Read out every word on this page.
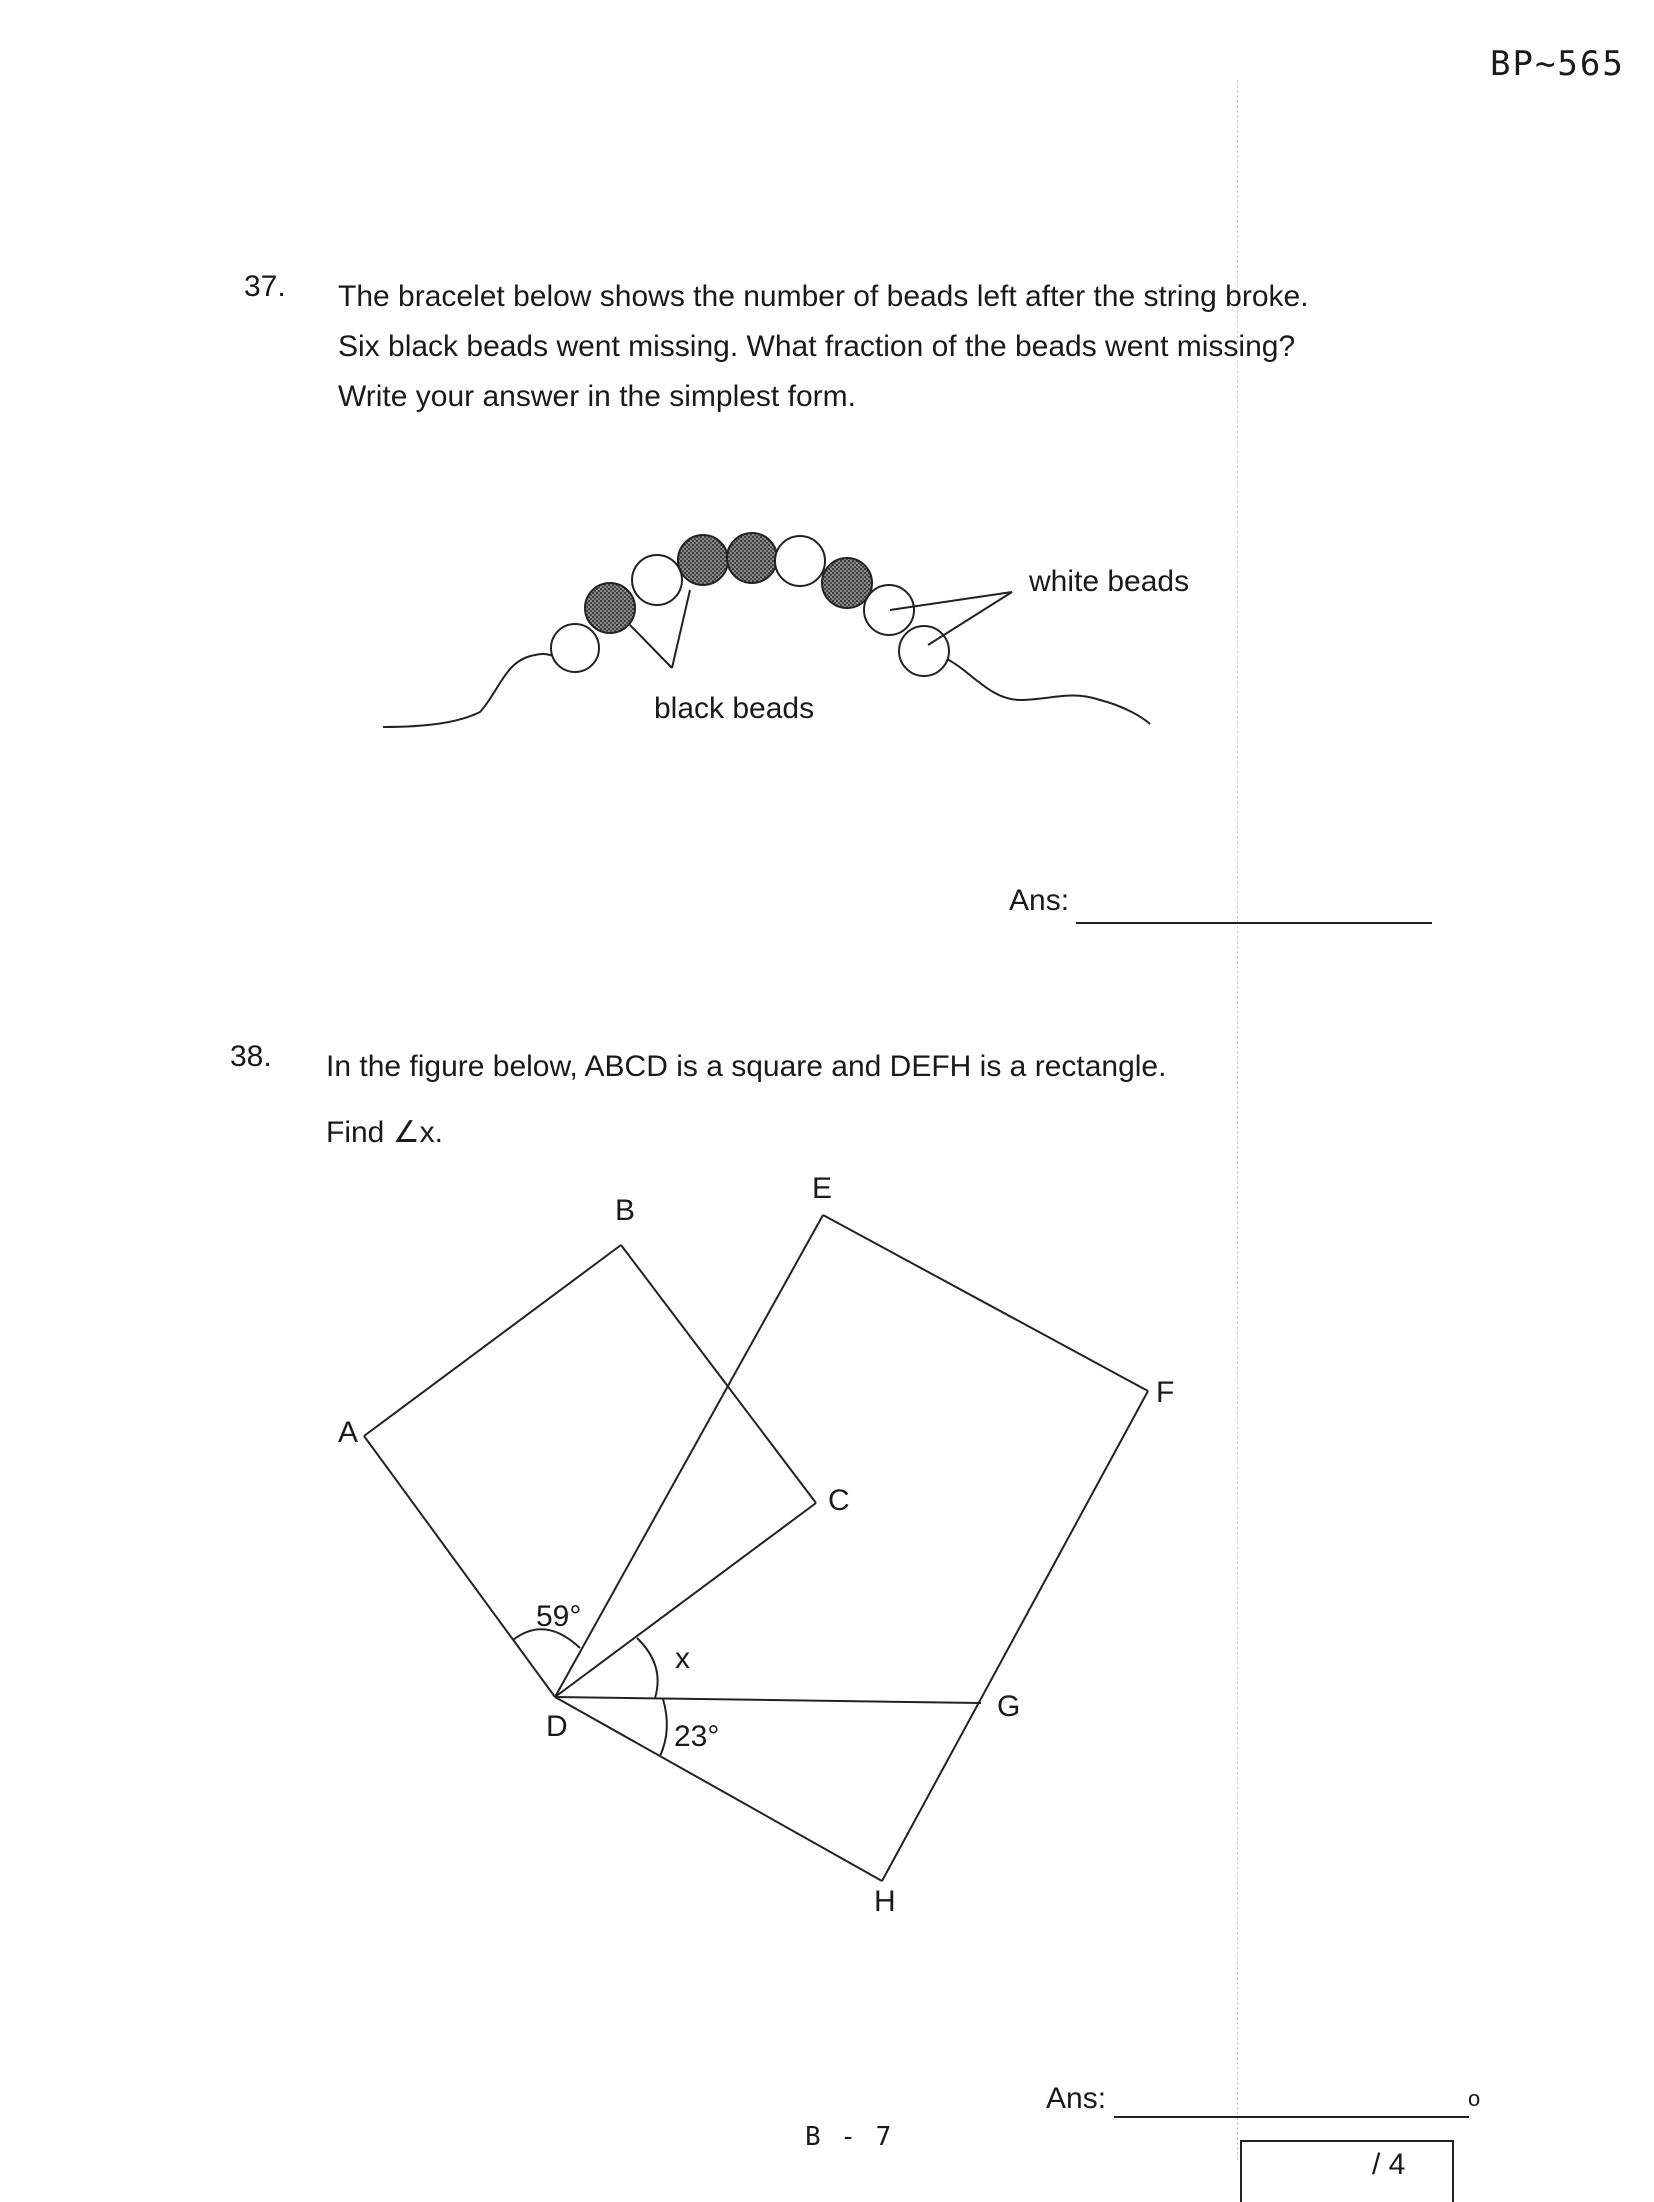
BP~565
37. The bracelet below shows the number of beads left after the string broke.
Six black beads went missing. What fraction of the beads went missing?
Write your answer in the simplest form.
white beads
black beads
Ans:
38. In the figure below, ABCD is a square and DEFH is a rectangle.
Find ∠x.
A
B
C
D
E
F
G
H
59°
x
23°
Ans:	o
B - 7
/ 4
